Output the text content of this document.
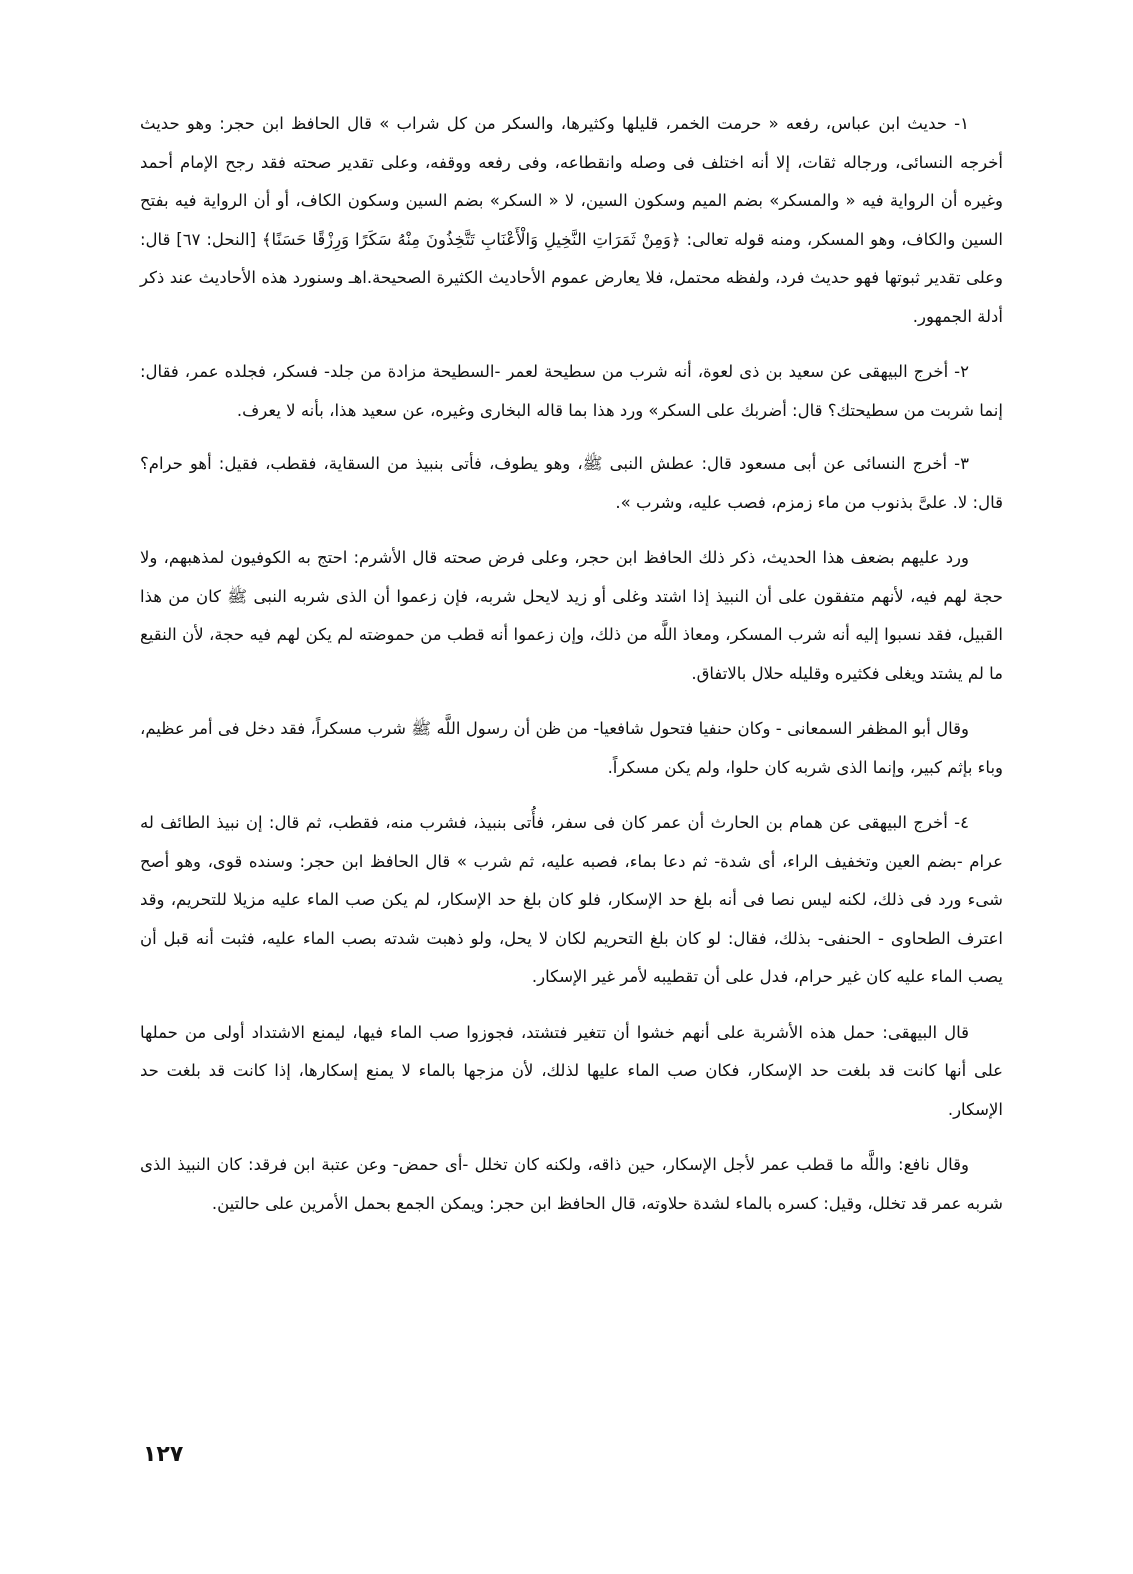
١- حديث ابن عباس، رفعه « حرمت الخمر، قليلها وكثيرها، والسكر من كل شراب » قال الحافظ ابن حجر: وهو حديث أخرجه النسائى، ورجاله ثقات، إلا أنه اختلف فى وصله وانقطاعه، وفى رفعه ووقفه، وعلى تقدير صحته فقد رجح الإمام أحمد وغيره أن الرواية فيه « والمسكر» بضم الميم وسكون السين، لا « السكر» بضم السين وسكون الكاف، أو أن الرواية فيه بفتح السين والكاف، وهو المسكر، ومنه قوله تعالى: ﴿وَمِنْ ثَمَرَاتِ النَّخِيلِ وَالْأَعْنَابِ تَتَّخِذُونَ مِنْهُ سَكَرًا وَرِزْقًا حَسَنًا﴾ [النحل: ٦٧] قال: وعلى تقدير ثبوتها فهو حديث فرد، ولفظه محتمل، فلا يعارض عموم الأحاديث الكثيرة الصحيحة.اهـ وسنورد هذه الأحاديث عند ذكر أدلة الجمهور.

٢- أخرج البيهقى عن سعيد بن ذى لعوة، أنه شرب من سطيحة لعمر -السطيحة مزادة من جلد- فسكر، فجلده عمر، فقال: إنما شربت من سطيحتك؟ قال: أضربك على السكر» ورد هذا بما قاله البخارى وغيره، عن سعيد هذا، بأنه لا يعرف.

٣- أخرج النسائى عن أبى مسعود قال: عطش النبى ﷺ، وهو يطوف، فأتى بنبيذ من السقاية، فقطب، فقيل: أهو حرام؟ قال: لا. علىَّ بذنوب من ماء زمزم، فصب عليه، وشرب ».

ورد عليهم بضعف هذا الحديث، ذكر ذلك الحافظ ابن حجر، وعلى فرض صحته قال الأشرم: احتج به الكوفيون لمذهبهم، ولا حجة لهم فيه، لأنهم متفقون على أن النبيذ إذا اشتد وغلى أو زيد لايحل شربه، فإن زعموا أن الذى شربه النبى ﷺ كان من هذا القبيل، فقد نسبوا إليه أنه شرب المسكر، ومعاذ اللَّه من ذلك، وإن زعموا أنه قطب من حموضته لم يكن لهم فيه حجة، لأن النقيع ما لم يشتد ويغلى فكثيره وقليله حلال بالاتفاق.

وقال أبو المظفر السمعانى - وكان حنفيا فتحول شافعيا- من ظن أن رسول اللَّه ﷺ شرب مسكراً، فقد دخل فى أمر عظيم، وباء بإثم كبير، وإنما الذى شربه كان حلوا، ولم يكن مسكراً.

٤- أخرج البيهقى عن همام بن الحارث أن عمر كان فى سفر، فأُتى بنبيذ، فشرب منه، فقطب، ثم قال: إن نبيذ الطائف له عرام -بضم العين وتخفيف الراء، أى شدة- ثم دعا بماء، فصبه عليه، ثم شرب » قال الحافظ ابن حجر: وسنده قوى، وهو أصح شىء ورد فى ذلك، لكنه ليس نصا فى أنه بلغ حد الإسكار، فلو كان بلغ حد الإسكار، لم يكن صب الماء عليه مزيلا للتحريم، وقد اعترف الطحاوى - الحنفى- بذلك، فقال: لو كان بلغ التحريم لكان لا يحل، ولو ذهبت شدته بصب الماء عليه، فثبت أنه قبل أن يصب الماء عليه كان غير حرام، فدل على أن تقطيبه لأمر غير الإسكار.

قال البيهقى: حمل هذه الأشربة على أنهم خشوا أن تتغير فتشتد، فجوزوا صب الماء فيها، ليمنع الاشتداد أولى من حملها على أنها كانت قد بلغت حد الإسكار، فكان صب الماء عليها لذلك، لأن مزجها بالماء لا يمنع إسكارها، إذا كانت قد بلغت حد الإسكار.

وقال نافع: واللَّه ما قطب عمر لأجل الإسكار، حين ذاقه، ولكنه كان تخلل -أى حمض- وعن عتبة ابن فرقد: كان النبيذ الذى شربه عمر قد تخلل، وقيل: كسره بالماء لشدة حلاوته، قال الحافظ ابن حجر: ويمكن الجمع بحمل الأمرين على حالتين.

١٢٧
